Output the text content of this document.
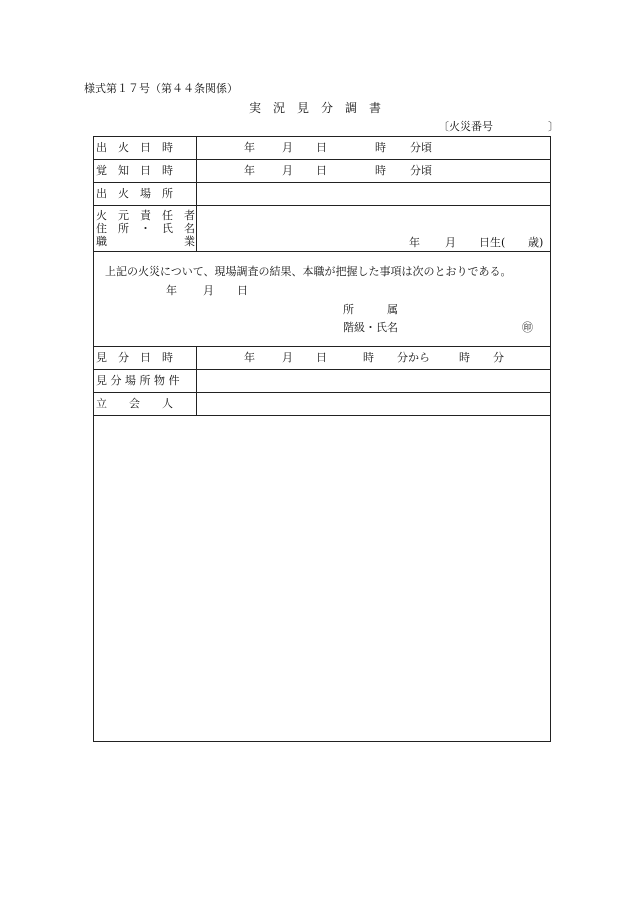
様式第１７号（第４４条関係）
実　況　見　分　調　書
〔火災番号　　　　　〕
出　火　日　時	年 月 日	時 分頃
覚　知　日　時	年 月 日	時 分頃
出　火　場　所
火　元　責　任　者
住　所　・　氏　名
職　　　　　　　業	年 月 日生( 歳)
上記の火災について、現場調査の結果、本職が把握した事項は次のとおりである。
年 月 日
所　　　属
階級・氏名	㊞
見　分　日　時	年 月 日	時 分から	時 分
見 分 場 所 物 件
立　　会　　人
